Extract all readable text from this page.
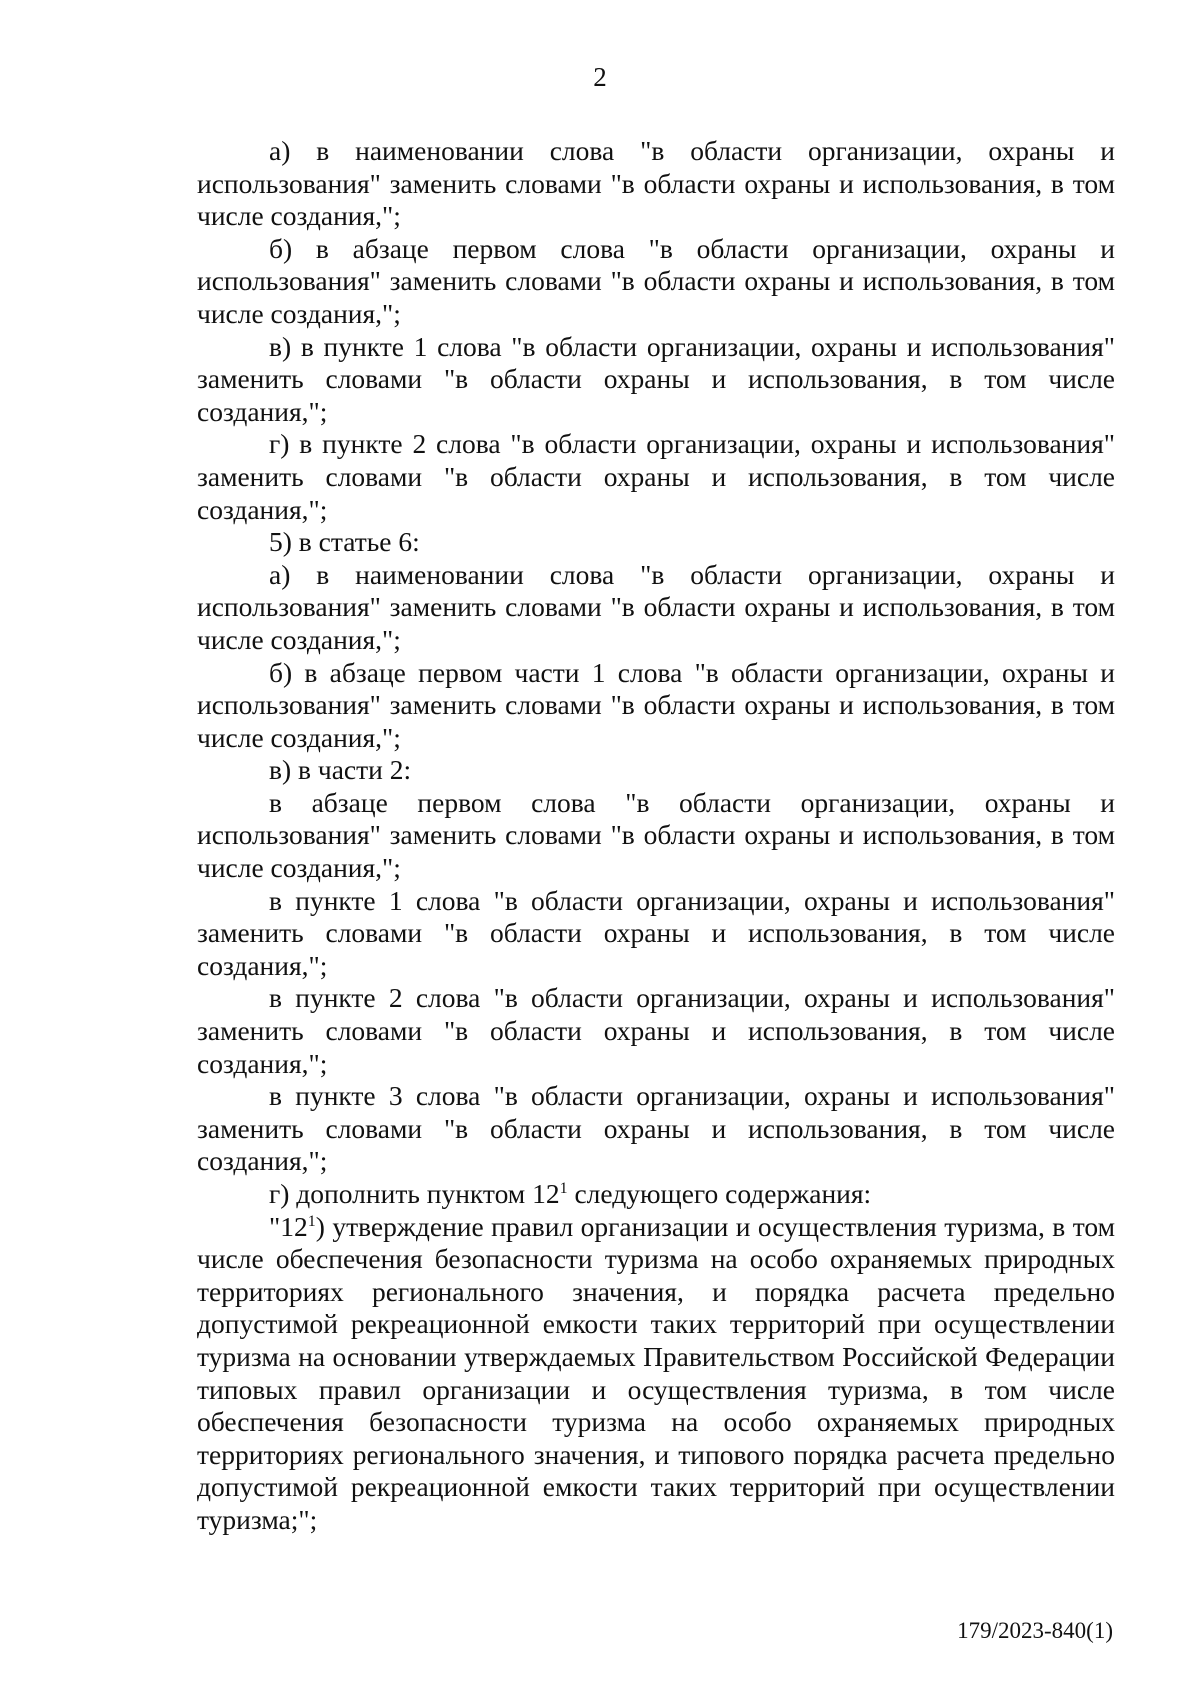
2

а) в наименовании слова "в области организации, охраны и использования" заменить словами "в области охраны и использования, в том числе создания,";

б) в абзаце первом слова "в области организации, охраны и использования" заменить словами "в области охраны и использования, в том числе создания,";

в) в пункте 1 слова "в области организации, охраны и использования" заменить словами "в области охраны и использования, в том числе создания,";

г) в пункте 2 слова "в области организации, охраны и использования" заменить словами "в области охраны и использования, в том числе создания,";

5) в статье 6:

а) в наименовании слова "в области организации, охраны и использования" заменить словами "в области охраны и использования, в том числе создания,";

б) в абзаце первом части 1 слова "в области организации, охраны и использования" заменить словами "в области охраны и использования, в том числе создания,";

в) в части 2:

в абзаце первом слова "в области организации, охраны и использования" заменить словами "в области охраны и использования, в том числе создания,";

в пункте 1 слова "в области организации, охраны и использования" заменить словами "в области охраны и использования, в том числе создания,";

в пункте 2 слова "в области организации, охраны и использования" заменить словами "в области охраны и использования, в том числе создания,";

в пункте 3 слова "в области организации, охраны и использования" заменить словами "в области охраны и использования, в том числе создания,";

г) дополнить пунктом $12^1$ следующего содержания:

"$12^1$) утверждение правил организации и осуществления туризма, в том числе обеспечения безопасности туризма на особо охраняемых природных территориях регионального значения, и порядка расчета предельно допустимой рекреационной емкости таких территорий при осуществлении туризма на основании утверждаемых Правительством Российской Федерации типовых правил организации и осуществления туризма, в том числе обеспечения безопасности туризма на особо охраняемых природных территориях регионального значения, и типового порядка расчета предельно допустимой рекреационной емкости таких территорий при осуществлении туризма;";

179/2023-840(1)
